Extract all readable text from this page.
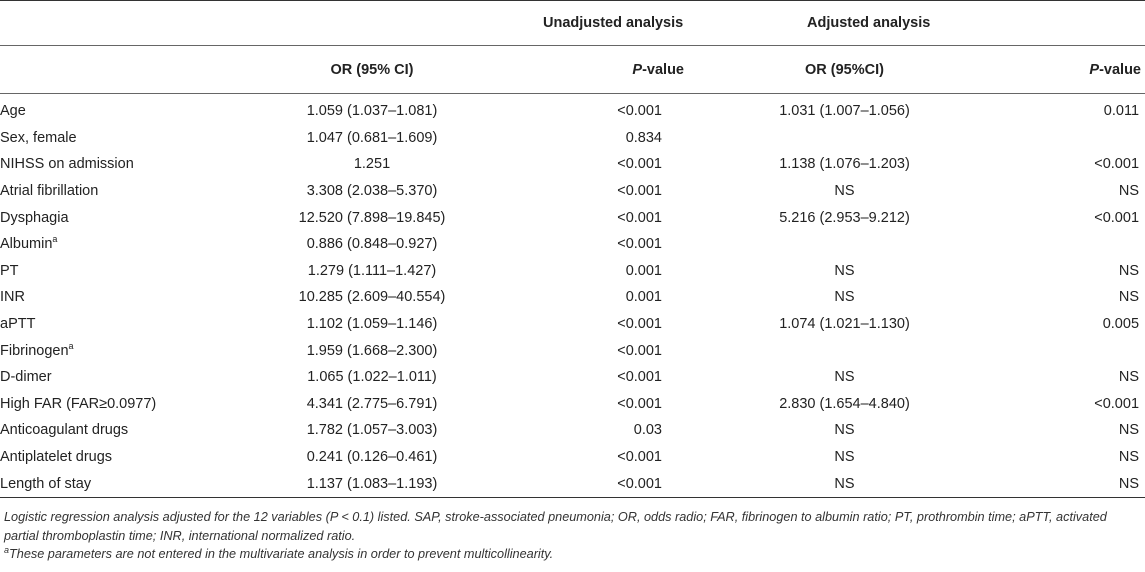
	Unadjusted analysis		Adjusted analysis	
	OR (95% CI)	P-value	OR (95%CI)	P-value
Age	1.059 (1.037–1.081)	<0.001	1.031 (1.007–1.056)	0.011
Sex, female	1.047 (0.681–1.609)	0.834		
NIHSS on admission	1.251	<0.001	1.138 (1.076–1.203)	<0.001
Atrial fibrillation	3.308 (2.038–5.370)	<0.001	NS	NS
Dysphagia	12.520 (7.898–19.845)	<0.001	5.216 (2.953–9.212)	<0.001
Albumin$^a$	0.886 (0.848–0.927)	<0.001		
PT	1.279 (1.111–1.427)	0.001	NS	NS
INR	10.285 (2.609–40.554)	0.001	NS	NS
aPTT	1.102 (1.059–1.146)	<0.001	1.074 (1.021–1.130)	0.005
Fibrinogen$^a$	1.959 (1.668–2.300)	<0.001		
D-dimer	1.065 (1.022–1.011)	<0.001	NS	NS
High FAR (FAR≥0.0977)	4.341 (2.775–6.791)	<0.001	2.830 (1.654–4.840)	<0.001
Anticoagulant drugs	1.782 (1.057–3.003)	0.03	NS	NS
Antiplatelet drugs	0.241 (0.126–0.461)	<0.001	NS	NS
Length of stay	1.137 (1.083–1.193)	<0.001	NS	NS

Logistic regression analysis adjusted for the 12 variables (P < 0.1) listed. SAP, stroke-associated pneumonia; OR, odds radio; FAR, fibrinogen to albumin ratio; PT, prothrombin time; aPTT, activated partial thromboplastin time; INR, international normalized ratio.

$^a$These parameters are not entered in the multivariate analysis in order to prevent multicollinearity.
